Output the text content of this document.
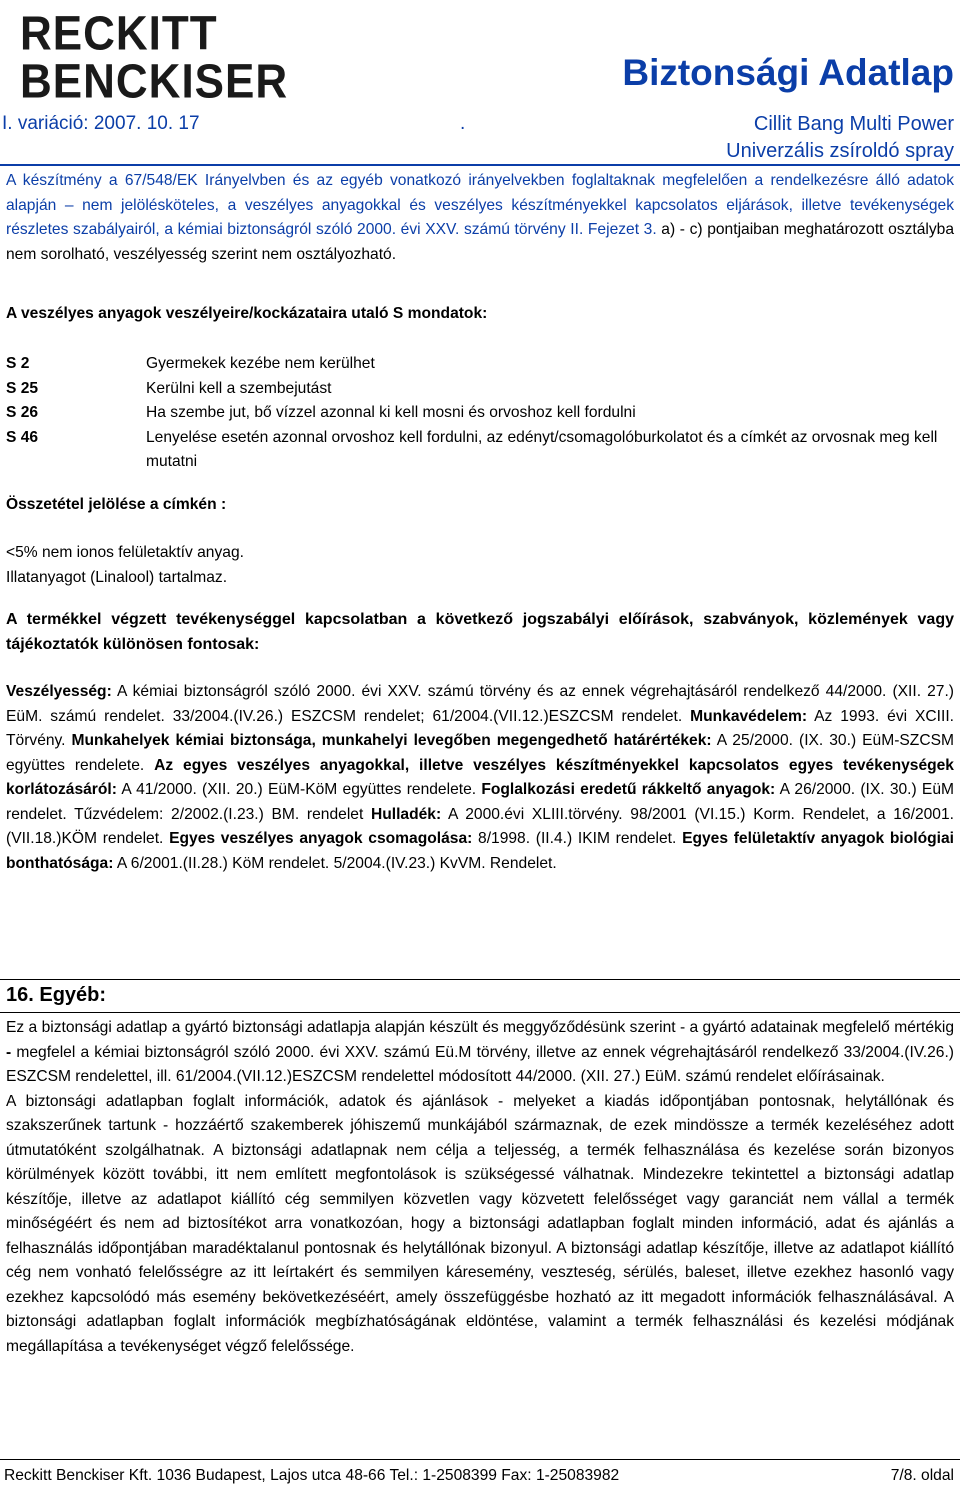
RECKITT
BENCKISER	Biztonsági Adatlap
I. variáció: 2007. 10. 17	.	Cillit Bang Multi Power
Univerzális zsíroldó spray
A készítmény a 67/548/EK Irányelvben és az egyéb vonatkozó irányelvekben foglaltaknak megfelelően a rendelkezésre álló adatok alapján – nem jelölésköteles, a veszélyes anyagokkal és veszélyes készítményekkel kapcsolatos eljárások, illetve tevékenységek részletes szabályairól, a kémiai biztonságról szóló 2000. évi XXV. számú törvény II. Fejezet 3. a) - c) pontjaiban meghatározott osztályba nem sorolható, veszélyesség szerint nem osztályozható.
A veszélyes anyagok veszélyeire/kockázataira utaló S mondatok:
S 2	Gyermekek kezébe nem kerülhet
S 25	Kerülni kell a szembejutást
S 26	Ha szembe jut, bő vízzel azonnal ki kell mosni és orvoshoz kell fordulni
S 46	Lenyelése esetén azonnal orvoshoz kell fordulni, az edényt/csomagolóburkolatot és a címkét az orvosnak meg kell mutatni
Összetétel jelölése a címkén :
<5% nem ionos felületaktív anyag.
Illatanyagot (Linalool) tartalmaz.
A termékkel végzett tevékenységgel kapcsolatban a következő jogszabályi előírások, szabványok, közlemények vagy tájékoztatók különösen fontosak:
Veszélyesség: A kémiai biztonságról szóló 2000. évi XXV. számú törvény és az ennek végrehajtásáról rendelkező 44/2000. (XII. 27.) EüM. számú rendelet. 33/2004.(IV.26.) ESZCSM rendelet; 61/2004.(VII.12.)ESZCSM rendelet. Munkavédelem: Az 1993. évi XCIII. Törvény. Munkahelyek kémiai biztonsága, munkahelyi levegőben megengedhető határértékek: A 25/2000. (IX. 30.) EüM-SZCSM együttes rendelete. Az egyes veszélyes anyagokkal, illetve veszélyes készítményekkel kapcsolatos egyes tevékenységek korlátozásáról: A 41/2000. (XII. 20.) EüM-KöM együttes rendelete. Foglalkozási eredetű rákkeltő anyagok: A 26/2000. (IX. 30.) EüM rendelet. Tűzvédelem: 2/2002.(I.23.) BM. rendelet Hulladék: A 2000.évi XLIII.törvény. 98/2001 (VI.15.) Korm. Rendelet, a 16/2001.(VII.18.)KÖM rendelet. Egyes veszélyes anyagok csomagolása: 8/1998. (II.4.) IKIM rendelet. Egyes felületaktív anyagok biológiai bonthatósága: A 6/2001.(II.28.) KöM rendelet. 5/2004.(IV.23.) KvVM. Rendelet.
16. Egyéb:
Ez a biztonsági adatlap a gyártó biztonsági adatlapja alapján készült és meggyőződésünk szerint - a gyártó adatainak megfelelő mértékig - megfelel a kémiai biztonságról szóló 2000. évi XXV. számú Eü.M törvény, illetve az ennek végrehajtásáról rendelkező 33/2004.(IV.26.) ESZCSM rendelettel, ill. 61/2004.(VII.12.)ESZCSM rendelettel módosított 44/2000. (XII. 27.) EüM. számú rendelet előírásainak.
A biztonsági adatlapban foglalt információk, adatok és ajánlások - melyeket a kiadás időpontjában pontosnak, helytállónak és szakszerűnek tartunk - hozzáértő szakemberek jóhiszemű munkájából származnak, de ezek mindössze a termék kezeléséhez adott útmutatóként szolgálhatnak. A biztonsági adatlapnak nem célja a teljesség, a termék felhasználása és kezelése során bizonyos körülmények között további, itt nem említett megfontolások is szükségessé válhatnak. Mindezekre tekintettel a biztonsági adatlap készítője, illetve az adatlapot kiállító cég semmilyen közvetlen vagy közvetett felelősséget vagy garanciát nem vállal a termék minőségéért és nem ad biztosítékot arra vonatkozóan, hogy a biztonsági adatlapban foglalt minden információ, adat és ajánlás a felhasználás időpontjában maradéktalanul pontosnak és helytállónak bizonyul. A biztonsági adatlap készítője, illetve az adatlapot kiállító cég nem vonható felelősségre az itt leírtakért és semmilyen káresemény, veszteség, sérülés, baleset, illetve ezekhez hasonló vagy ezekhez kapcsolódó más esemény bekövetkezéséért, amely összefüggésbe hozható az itt megadott információk felhasználásával. A biztonsági adatlapban foglalt információk megbízhatóságának eldöntése, valamint a termék felhasználási és kezelési módjának megállapítása a tevékenységet végző felelőssége.
Reckitt Benckiser Kft. 1036 Budapest, Lajos utca 48-66 Tel.: 1-2508399 Fax: 1-25083982	7/8. oldal
